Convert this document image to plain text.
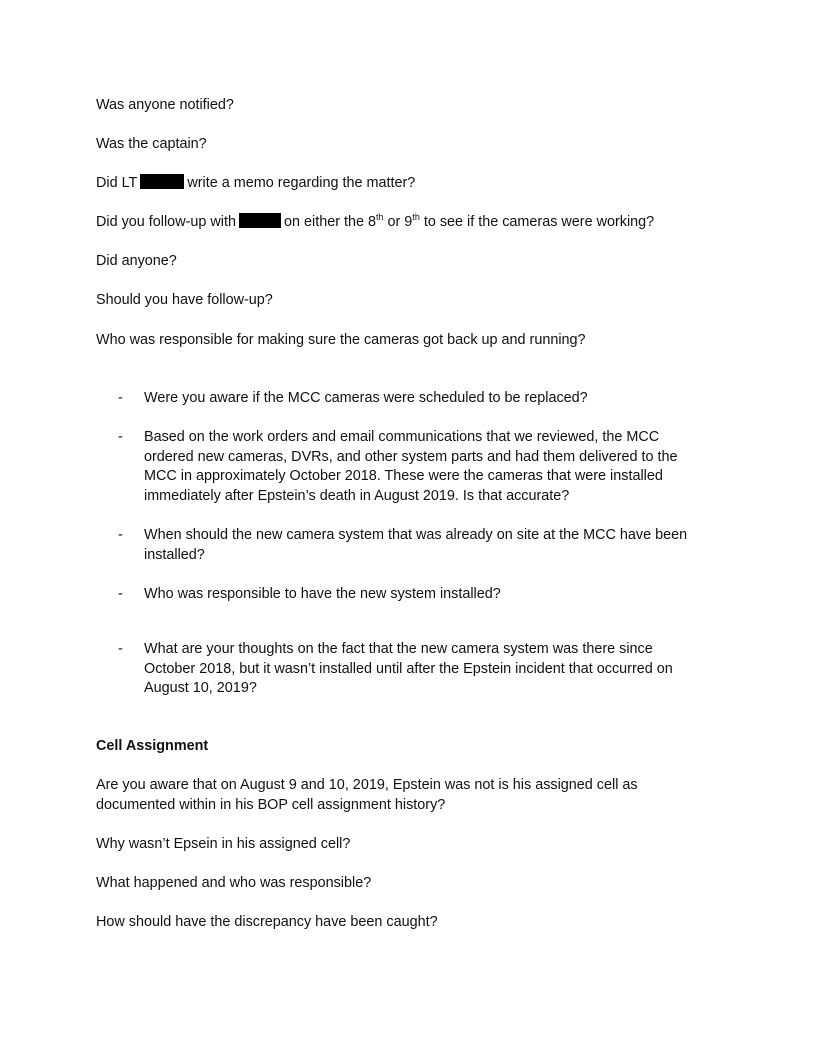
Was anyone notified?
Was the captain?
Did LT	write a memo regarding the matter?
Did you follow-up with	on either the 8th or 9th to see if the cameras were working?
Did anyone?
Should you have follow-up?
Who was responsible for making sure the cameras got back up and running?
- Were you aware if the MCC cameras were scheduled to be replaced?
- Based on the work orders and email communications that we reviewed, the MCC ordered new cameras, DVRs, and other system parts and had them delivered to the MCC in approximately October 2018. These were the cameras that were installed immediately after Epstein’s death in August 2019. Is that accurate?
- When should the new camera system that was already on site at the MCC have been installed?
- Who was responsible to have the new system installed?
- What are your thoughts on the fact that the new camera system was there since October 2018, but it wasn’t installed until after the Epstein incident that occurred on August 10, 2019?
Cell Assignment
Are you aware that on August 9 and 10, 2019, Epstein was not is his assigned cell as documented within in his BOP cell assignment history?
Why wasn’t Epsein in his assigned cell?
What happened and who was responsible?
How should have the discrepancy have been caught?
